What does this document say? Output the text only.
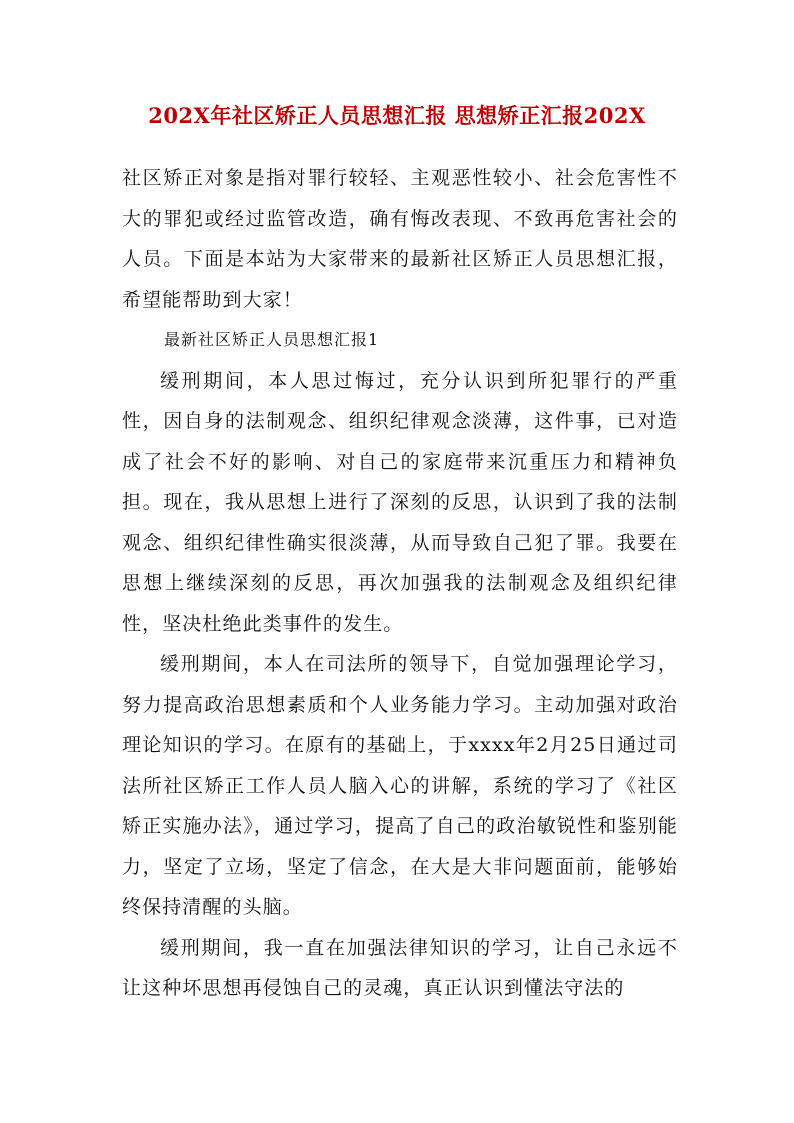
202X年社区矫正人员思想汇报 思想矫正汇报202X

社区矫正对象是指对罪行较轻、主观恶性较小、社会危害性不大的罪犯或经过监管改造，确有悔改表现、不致再危害社会的人员。下面是本站为大家带来的最新社区矫正人员思想汇报，希望能帮助到大家！

最新社区矫正人员思想汇报1

缓刑期间，本人思过悔过，充分认识到所犯罪行的严重性，因自身的法制观念、组织纪律观念淡薄，这件事，已对造成了社会不好的影响、对自己的家庭带来沉重压力和精神负担。现在，我从思想上进行了深刻的反思，认识到了我的法制观念、组织纪律性确实很淡薄，从而导致自己犯了罪。我要在思想上继续深刻的反思，再次加强我的法制观念及组织纪律性，坚决杜绝此类事件的发生。

缓刑期间，本人在司法所的领导下，自觉加强理论学习，努力提高政治思想素质和个人业务能力学习。主动加强对政治理论知识的学习。在原有的基础上，于xxxx年2月25日通过司法所社区矫正工作人员人脑入心的讲解，系统的学习了《社区矫正实施办法》，通过学习，提高了自己的政治敏锐性和鉴别能力，坚定了立场，坚定了信念，在大是大非问题面前，能够始终保持清醒的头脑。

缓刑期间，我一直在加强法律知识的学习，让自己永远不让这种坏思想再侵蚀自己的灵魂，真正认识到懂法守法的
